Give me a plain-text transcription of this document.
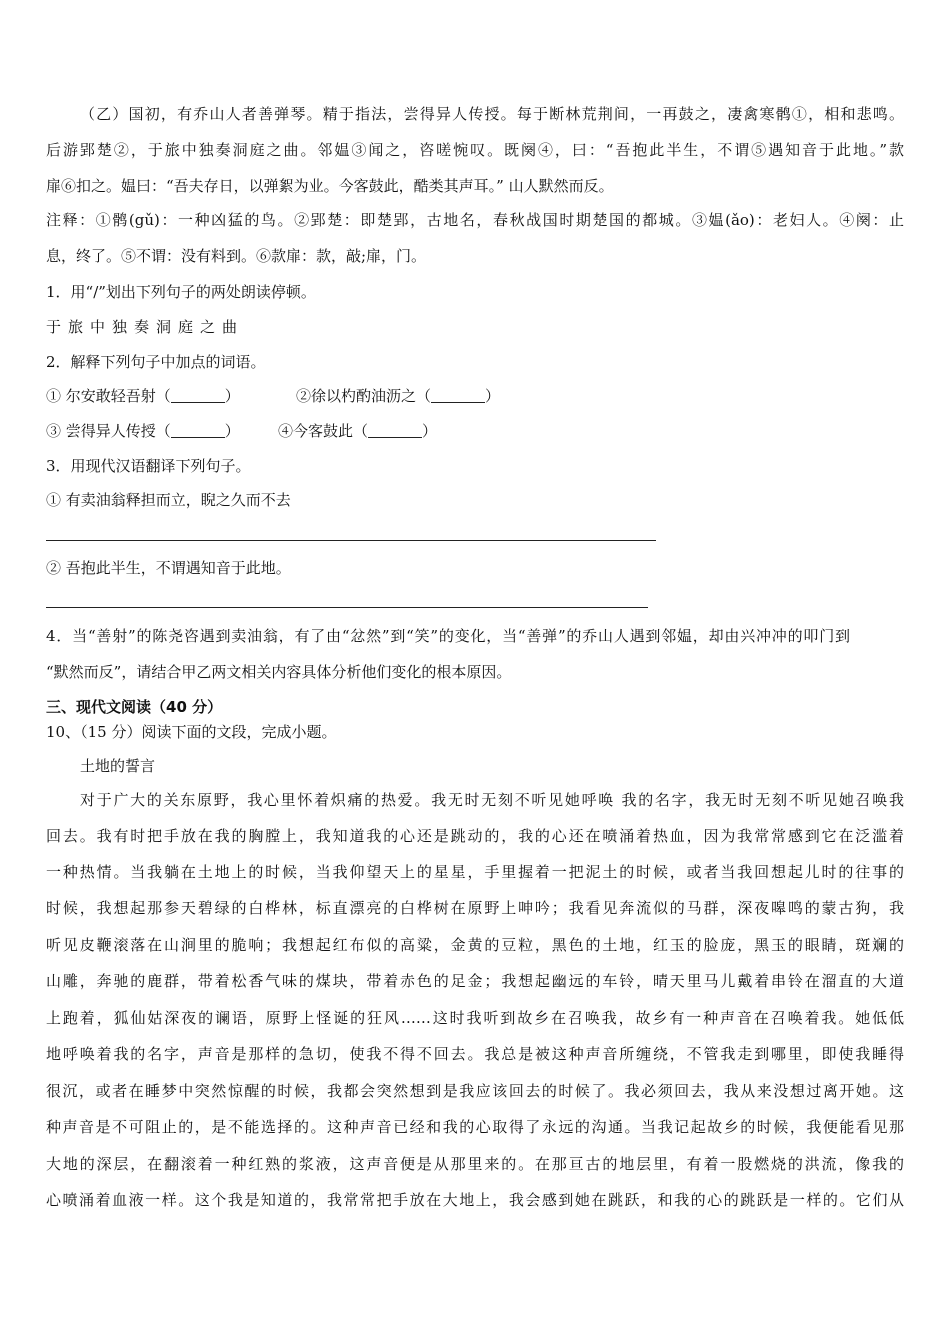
（乙）国初，有乔山人者善弹琴。精于指法，尝得异人传授。每于断林荒荆间，一再鼓之，凄禽寒鹘①，相和悲鸣。
后游郢楚②，于旅中独奏洞庭之曲。邻媪③闻之，咨嗟惋叹。既阕④，曰：“吾抱此半生，不谓⑤遇知音于此地。”款
扉⑥扣之。媪曰：“吾夫存日，以弹絮为业。今客鼓此，酷类其声耳。” 山人默然而反。
注释：①鹘(gǔ)：一种凶猛的鸟。②郢楚：即楚郢，古地名，春秋战国时期楚国的都城。③媪(ǎo)：老妇人。④阕：止
息，终了。⑤不谓：没有料到。⑥款扉：款，敲;扉，门。
1．用“/”划出下列句子的两处朗读停顿。
于旅中独奏洞庭之曲
2．解释下列句子中加点的词语。
① 尔安敢轻吾射（	）	②徐以杓酌油沥之（	）
③ 尝得异人传授（	）	④今客鼓此（	）
3．用现代汉语翻译下列句子。
① 有卖油翁释担而立，睨之久而不去
② 吾抱此半生，不谓遇知音于此地。
4．当“善射”的陈尧咨遇到卖油翁，有了由“忿然”到“笑”的变化，当“善弹”的乔山人遇到邻媪，却由兴冲冲的叩门到
“默然而反”，请结合甲乙两文相关内容具体分析他们变化的根本原因。
三、现代文阅读（40 分）
10、（15 分）阅读下面的文段，完成小题。
土地的誓言
对于广大的关东原野，我心里怀着炽痛的热爱。我无时无刻不听见她呼唤 我的名字，我无时无刻不听见她召唤我
回去。我有时把手放在我的胸膛上，我知道我的心还是跳动的，我的心还在喷涌着热血，因为我常常感到它在泛滥着
一种热情。当我躺在土地上的时候，当我仰望天上的星星，手里握着一把泥土的时候，或者当我回想起儿时的往事的
时候，我想起那参天碧绿的白桦林，标直漂亮的白桦树在原野上呻吟；我看见奔流似的马群，深夜嗥鸣的蒙古狗，我
听见皮鞭滚落在山涧里的脆响；我想起红布似的高粱，金黄的豆粒，黑色的土地，红玉的脸庞，黑玉的眼睛，斑斓的
山雕，奔驰的鹿群，带着松香气味的煤块，带着赤色的足金；我想起幽远的车铃，晴天里马儿戴着串铃在溜直的大道
上跑着，狐仙姑深夜的谰语，原野上怪诞的狂风……这时我听到故乡在召唤我，故乡有一种声音在召唤着我。她低低
地呼唤着我的名字，声音是那样的急切，使我不得不回去。我总是被这种声音所缠绕，不管我走到哪里，即使我睡得
很沉，或者在睡梦中突然惊醒的时候，我都会突然想到是我应该回去的时候了。我必须回去，我从来没想过离开她。这
种声音是不可阻止的，是不能选择的。这种声音已经和我的心取得了永远的沟通。当我记起故乡的时候，我便能看见那
大地的深层，在翻滚着一种红熟的浆液，这声音便是从那里来的。在那亘古的地层里，有着一股燃烧的洪流，像我的
心喷涌着血液一样。这个我是知道的，我常常把手放在大地上，我会感到她在跳跃，和我的心的跳跃是一样的。它们从
